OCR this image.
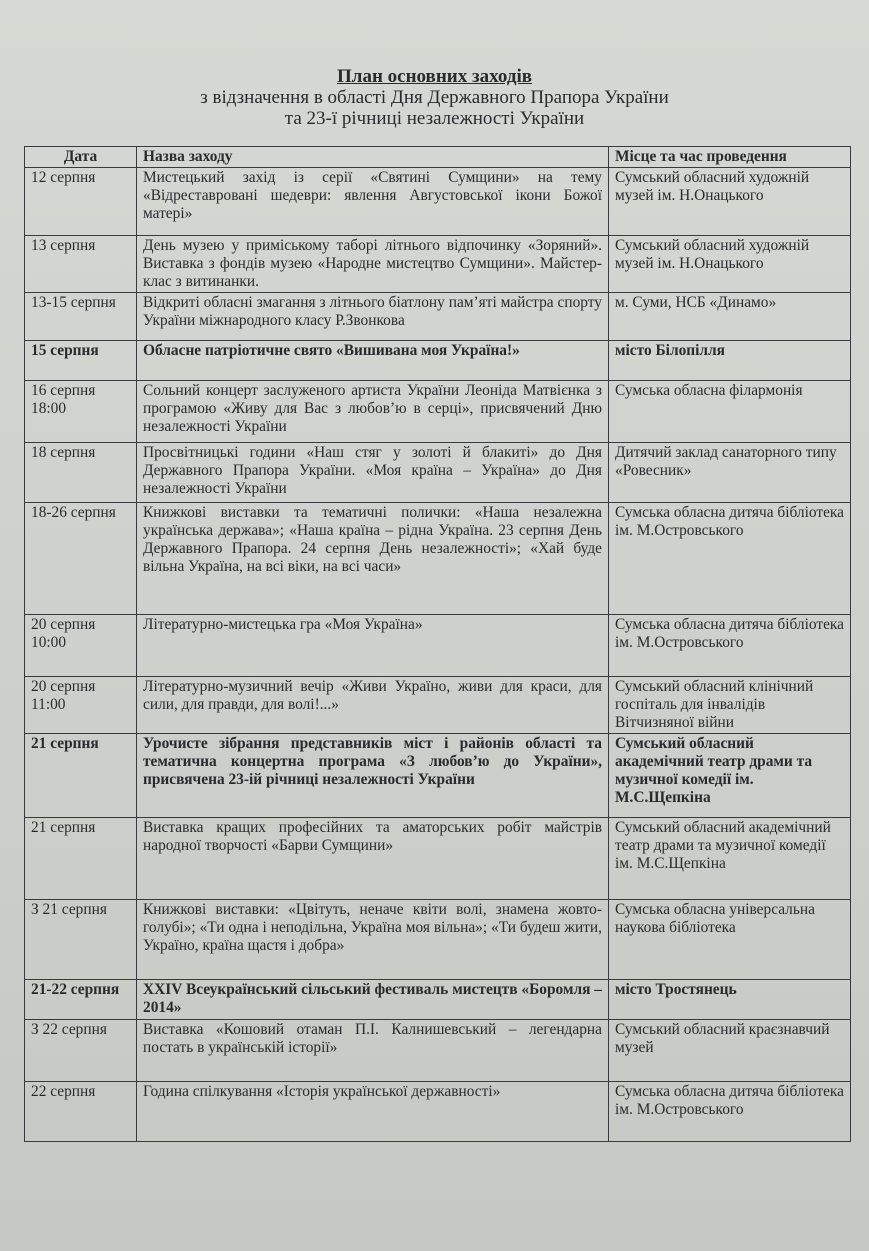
План основних заходів
з відзначення в області Дня Державного Прапора України
та 23-ї річниці незалежності України
Дата	Назва заходу	Місце та час проведення
12 серпня	Мистецький захід із серії «Святині Сумщини» на тему «Відреставровані шедеври: явлення Августовської ікони Божої матері»	Сумський обласний художній музей ім. Н.Онацького
13 серпня	День музею у приміському таборі літнього відпочинку «Зоряний». Виставка з фондів музею «Народне мистецтво Сумщини». Майстер-клас з витинанки.	Сумський обласний художній музей ім. Н.Онацького
13-15 серпня	Відкриті обласні змагання з літнього біатлону пам’яті майстра спорту України міжнародного класу Р.Звонкова	м. Суми, НСБ «Динамо»
15 серпня	Обласне патріотичне свято «Вишивана моя Україна!»	місто Білопілля
16 серпня 18:00	Сольний концерт заслуженого артиста України Леоніда Матвієнка з програмою «Живу для Вас з любов’ю в серці», присвячений Дню незалежності України	Сумська обласна філармонія
18 серпня	Просвітницькі години «Наш стяг у золоті й блакиті» до Дня Державного Прапора України. «Моя країна – Україна» до Дня незалежності України	Дитячий заклад санаторного типу «Ровесник»
18-26 серпня	Книжкові виставки та тематичні полички: «Наша незалежна українська держава»; «Наша країна – рідна Україна. 23 серпня День Державного Прапора. 24 серпня День незалежності»; «Хай буде вільна Україна, на всі віки, на всі часи»	Сумська обласна дитяча бібліотека ім. М.Островського
20 серпня 10:00	Літературно-мистецька гра «Моя Україна»	Сумська обласна дитяча бібліотека ім. М.Островського
20 серпня 11:00	Літературно-музичний вечір «Живи Україно, живи для краси, для сили, для правди, для волі!...»	Сумський обласний клінічний госпіталь для інвалідів Вітчизняної війни
21 серпня	Урочисте зібрання представників міст і районів області та тематична концертна програма «З любов’ю до України», присвячена 23-ій річниці незалежності України	Сумський обласний академічний театр драми та музичної комедії ім. М.С.Щепкіна
21 серпня	Виставка кращих професійних та аматорських робіт майстрів народної творчості «Барви Сумщини»	Сумський обласний академічний театр драми та музичної комедії ім. М.С.Щепкіна
З 21 серпня	Книжкові виставки: «Цвітуть, неначе квіти волі, знамена жовто-голубі»; «Ти одна і неподільна, Україна моя вільна»; «Ти будеш жити, Україно, країна щастя і добра»	Сумська обласна універсальна наукова бібліотека
21-22 серпня	XXIV Всеукраїнський сільський фестиваль мистецтв «Боромля – 2014»	місто Тростянець
З 22 серпня	Виставка «Кошовий отаман П.І. Калнишевський – легендарна постать в українській історії»	Сумський обласний краєзнавчий музей
22 серпня	Година спілкування «Історія української державності»	Сумська обласна дитяча бібліотека ім. М.Островського
